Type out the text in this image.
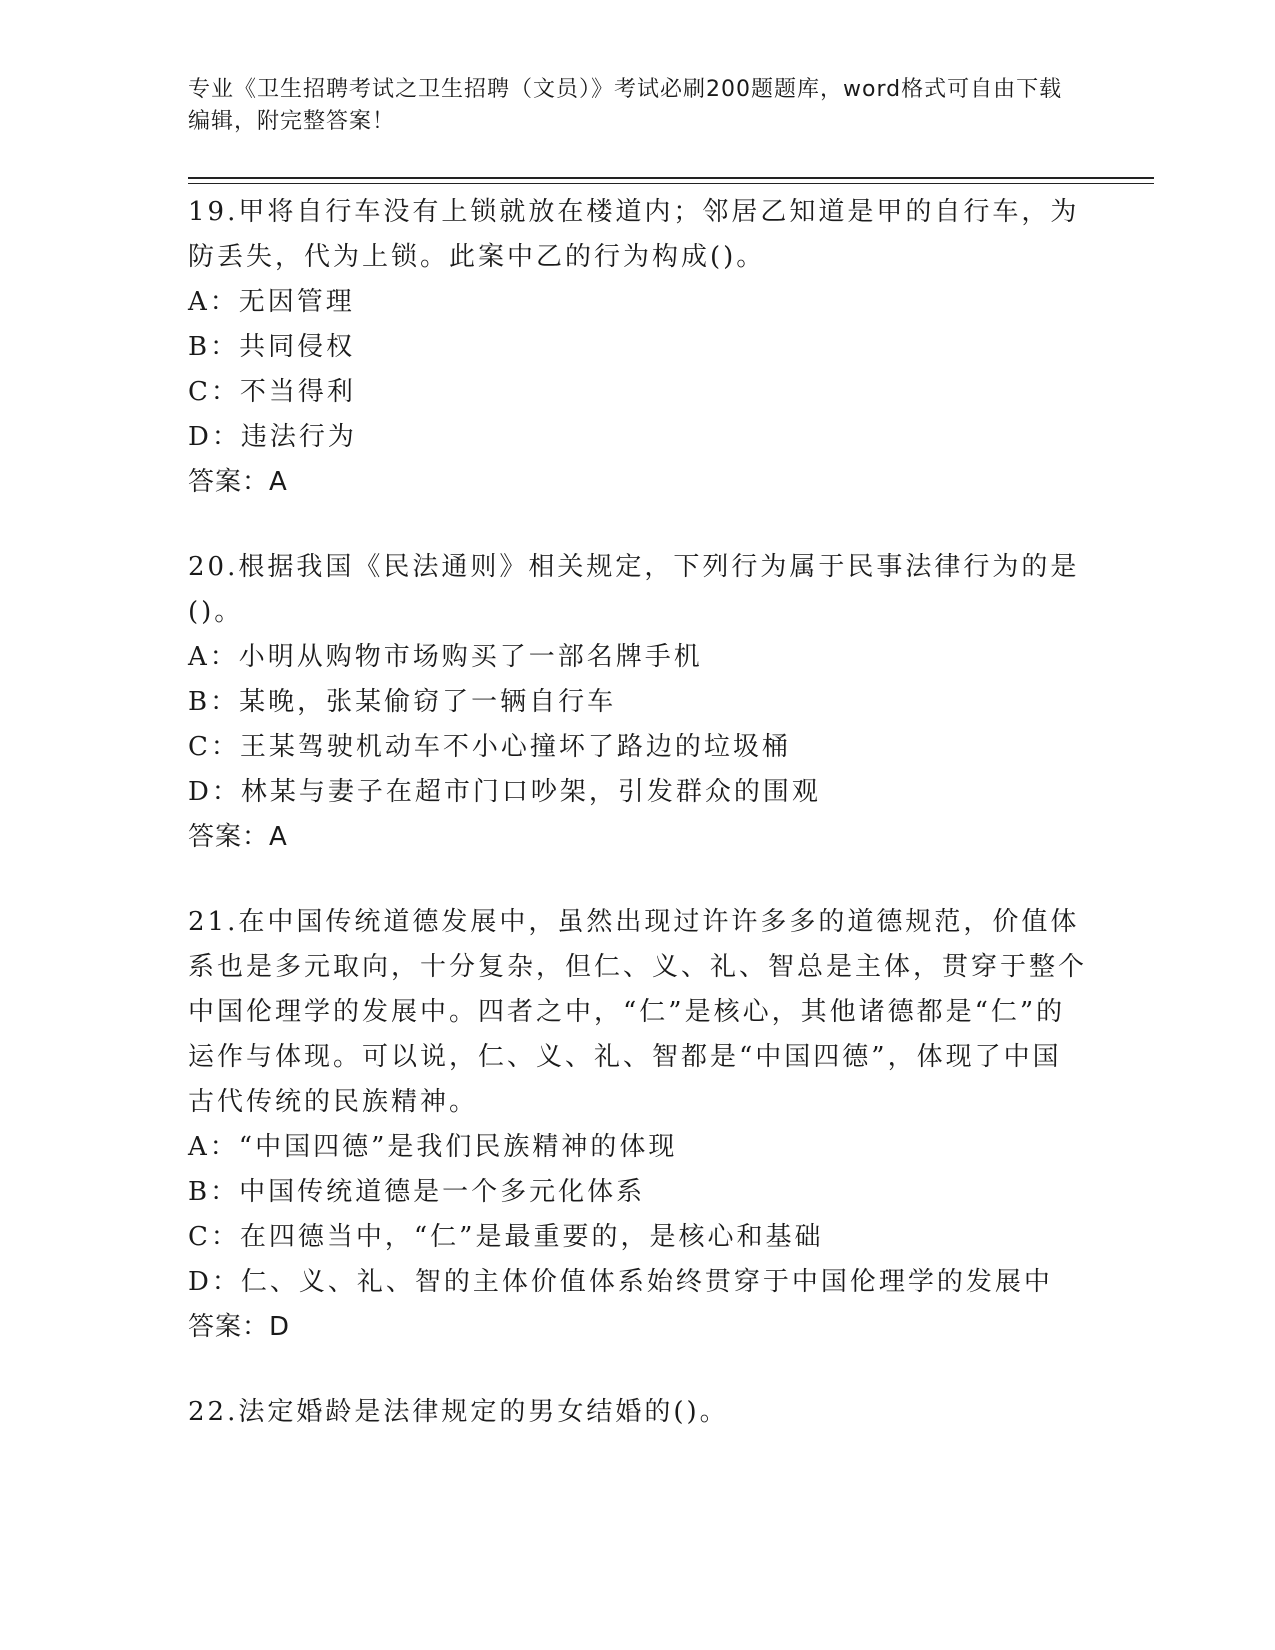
专业《卫生招聘考试之卫生招聘（文员）》考试必刷200题题库，word格式可自由下载编辑，附完整答案！

19.甲将自行车没有上锁就放在楼道内；邻居乙知道是甲的自行车，为防丢失，代为上锁。此案中乙的行为构成()。

A：无因管理

B：共同侵权

C：不当得利

D：违法行为

答案：A

20.根据我国《民法通则》相关规定，下列行为属于民事法律行为的是()。

A：小明从购物市场购买了一部名牌手机

B：某晚，张某偷窃了一辆自行车

C：王某驾驶机动车不小心撞坏了路边的垃圾桶

D：林某与妻子在超市门口吵架，引发群众的围观

答案：A

21.在中国传统道德发展中，虽然出现过许许多多的道德规范，价值体系也是多元取向，十分复杂，但仁、义、礼、智总是主体，贯穿于整个中国伦理学的发展中。四者之中，“仁”是核心，其他诸德都是“仁”的运作与体现。可以说，仁、义、礼、智都是“中国四德”，体现了中国古代传统的民族精神。

A：“中国四德”是我们民族精神的体现

B：中国传统道德是一个多元化体系

C：在四德当中，“仁”是最重要的，是核心和基础

D：仁、义、礼、智的主体价值体系始终贯穿于中国伦理学的发展中

答案：D

22.法定婚龄是法律规定的男女结婚的()。
